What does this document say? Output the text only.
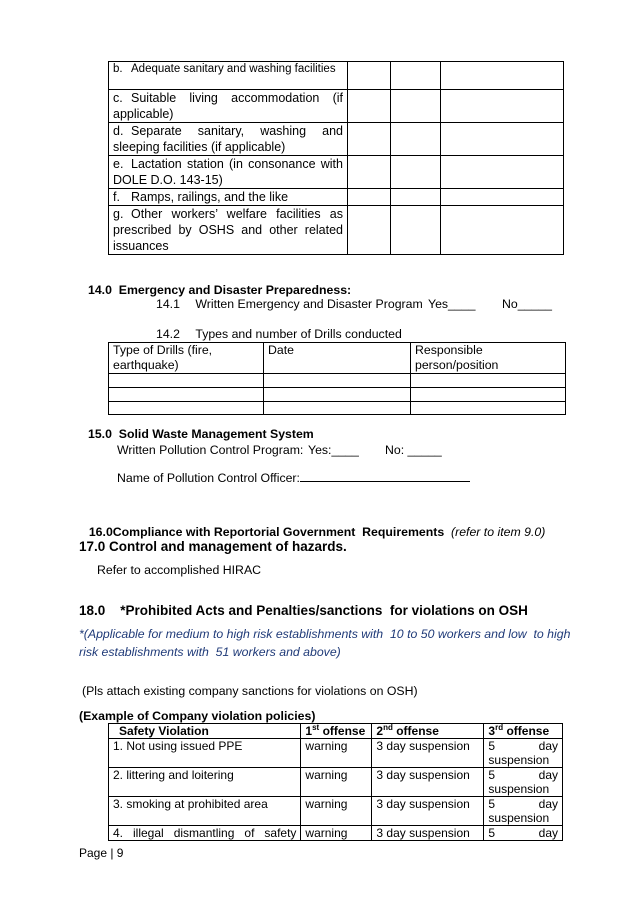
b. Adequate sanitary and washing facilities			
c. Suitable living accommodation (if applicable)			
d. Separate sanitary, washing and sleeping facilities (if applicable)			
e. Lactation station (in consonance with DOLE D.O. 143-15)			
f. Ramps, railings, and the like			
g. Other workers’ welfare facilities as prescribed by OSHS and other related issuances			
14.0  Emergency and Disaster Preparedness:
14.1 Written Emergency and Disaster Program Yes____ No_____
14.2 Types and number of Drills conducted
Type of Drills (fire, earthquake)	Date	Responsible person/position

15.0  Solid Waste Management System
Written Pollution Control Program: Yes:____ No: _____
Name of Pollution Control Officer:

16.0Compliance with Reportorial Government  Requirements (refer to item 9.0)

17.0 Control and management of hazards.
Refer to accomplished HIRAC
18.0    *Prohibited Acts and Penalties/sanctions  for violations on OSH
*(Applicable for medium to high risk establishments with  10 to 50 workers and low  to high
risk establishments with  51 workers and above)
(Pls attach existing company sanctions for violations on OSH)
(Example of Company violation policies)
Safety Violation	1st offense	2nd offense	3rd offense
1. Not using issued PPE	warning	3 day suspension	5 day
suspension

2. littering and loitering	warning	3 day suspension	5 day
suspension

3. smoking at prohibited area	warning	3 day suspension	5 day
suspension

4.   illegal   dismantling   of   safety	warning	3 day suspension	5 day
Page | 9
